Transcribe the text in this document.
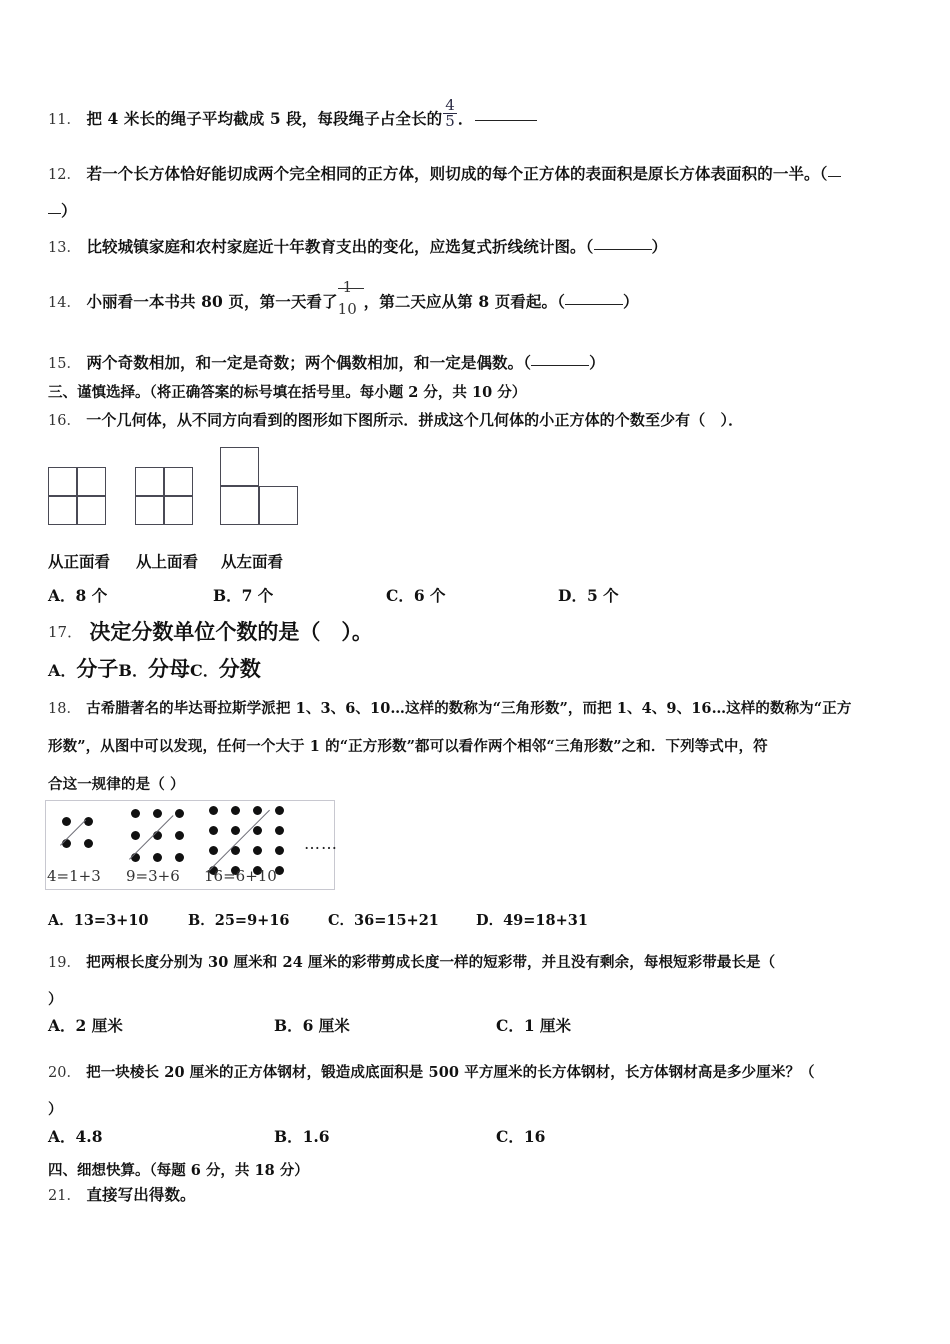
11． 把 4 米长的绳子平均截成 5 段，每段绳子占全长的 $\frac{4}{5}$ ．
12． 若一个长方体恰好能切成两个完全相同的正方体，则切成的每个正方体的表面积是原长方体表面积的一半。（
）
13． 比较城镇家庭和农村家庭近十年教育支出的变化，应选复式折线统计图。（	）
14． 小丽看一本书共 80 页，第一天看了
1
10 ，第二天应从第 8 页看起。（	）
15． 两个奇数相加，和一定是奇数；两个偶数相加，和一定是偶数。（	）
三、谨慎选择。（将正确答案的标号填在括号里。每小题 2 分，共 10 分）
16． 一个几何体，从不同方向看到的图形如下图所示．拼成这个几何体的小正方体的个数至少有（　）．
从正面看 从上面看 从左面看
A．8 个	B．7 个	C．6 个	D．5 个
17． 决定分数单位个数的是（　）。
A．分子B．分母C．分数
18． 古希腊著名的毕达哥拉斯学派把 1、3、6、10…这样的数称为“三角形数”，而把 1、4、9、16…这样的数称为“正方
形数”，从图中可以发现，任何一个大于 1 的“正方形数”都可以看作两个相邻“三角形数”之和．下列等式中，符
合这一规律的是（ ）
4=1+3 9=3+6 16=6+10
……
A．13=3+10	B．25=9+16	C．36=15+21	D．49=18+31
19． 把两根长度分别为 30 厘米和 24 厘米的彩带剪成长度一样的短彩带，并且没有剩余，每根短彩带最长是（
）
A．2 厘米	B．6 厘米	C．1 厘米
20． 把一块棱长 20 厘米的正方体钢材，锻造成底面积是 500 平方厘米的长方体钢材，长方体钢材高是多少厘米？（
）
A．4.8	B．1.6	C．16
四、细想快算。（每题 6 分，共 18 分）
21． 直接写出得数。
